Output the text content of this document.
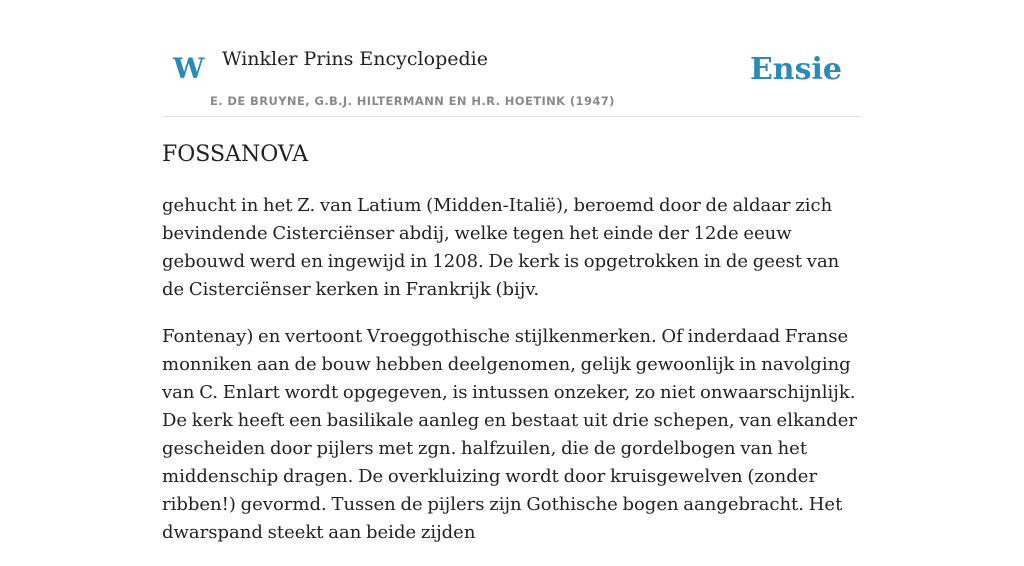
W Winkler Prins Encyclopedie
E. DE BRUYNE, G.B.J. HILTERMANN EN H.R. HOETINK (1947)
Ensie
FOSSANOVA

gehucht in het Z. van Latium (Midden-Italië), beroemd door de aldaar zich bevindende Cisterciënser abdij, welke tegen het einde der 12de eeuw gebouwd werd en ingewijd in 1208. De kerk is opgetrokken in de geest van de Cisterciënser kerken in Frankrijk (bijv.

Fontenay) en vertoont Vroeggothische stijlkenmerken. Of inderdaad Franse monniken aan de bouw hebben deelgenomen, gelijk gewoonlijk in navolging van C. Enlart wordt opgegeven, is intussen onzeker, zo niet onwaarschijnlijk. De kerk heeft een basilikale aanleg en bestaat uit drie schepen, van elkander gescheiden door pijlers met zgn. halfzuilen, die de gordelbogen van het middenschip dragen. De overkluizing wordt door kruisgewelven (zonder ribben!) gevormd. Tussen de pijlers zijn Gothische bogen aangebracht. Het dwarspand steekt aan beide zijden
